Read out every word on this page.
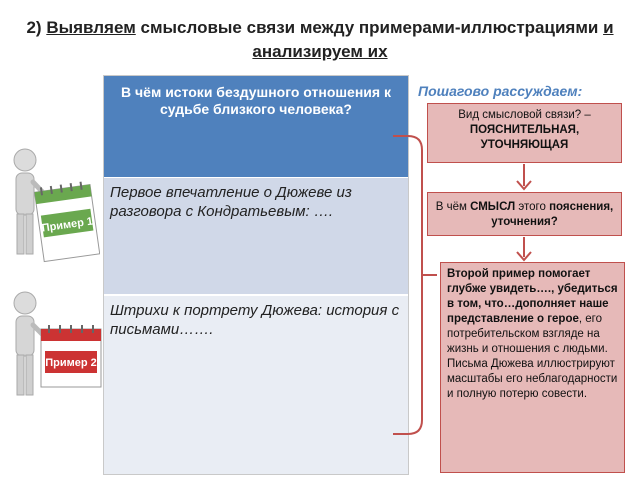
2) Выявляем смысловые связи между примерами-иллюстрациями и анализируем их
Пример 1
Пример 2
В чём истоки бездушного отношения к судьбе близкого человека?
Первое впечатление о Дюжеве из разговора с Кондратьевым: ….
Штрихи к портрету Дюжева: история с письмами…….
Пошагово рассуждаем:
Вид смысловой связи? –
ПОЯСНИТЕЛЬНАЯ, УТОЧНЯЮЩАЯ
В чём СМЫСЛ этого пояснения, уточнения?
Второй пример помогает глубже увидеть…., убедиться в том, что…дополняет наше представление о герое, его потребительском взгляде на жизнь и отношения с людьми. Письма Дюжева иллюстрируют масштабы его неблагодарности и полную потерю совести.
